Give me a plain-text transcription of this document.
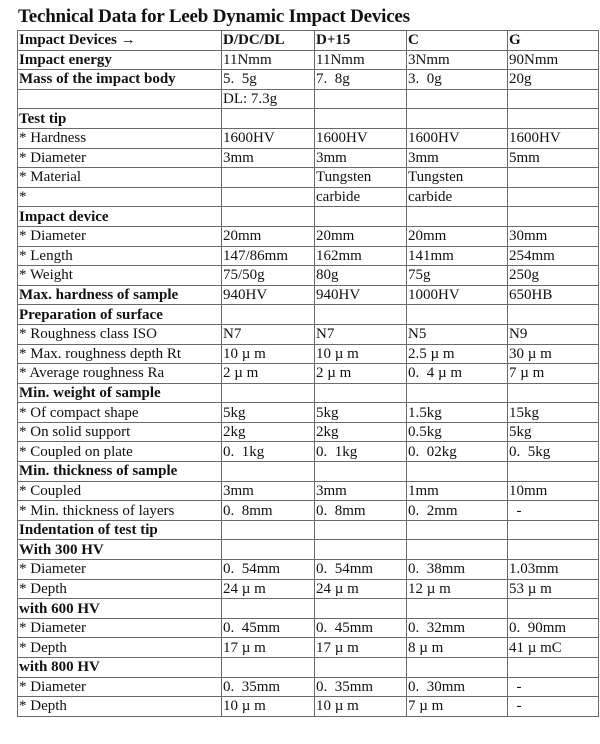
Technical Data for Leeb Dynamic Impact Devices
Impact Devices →	D/DC/DL	D+15	C	G
Impact energy	11Nmm	11Nmm	3Nmm	90Nmm
Mass of the impact body	5.  5g	7.  8g	3.  0g	20g
	DL: 7.3g			
Test tip				
* Hardness	1600HV	1600HV	1600HV	1600HV
* Diameter	3mm	3mm	3mm	5mm
* Material		Tungsten	Tungsten	
*		carbide	carbide	
Impact device				
* Diameter	20mm	20mm	20mm	30mm
* Length	147/86mm	162mm	141mm	254mm
* Weight	75/50g	80g	75g	250g
Max. hardness of sample	940HV	940HV	1000HV	650HB
Preparation of surface				
* Roughness class ISO	N7	N7	N5	N9
* Max. roughness depth Rt	10 µ m	10 µ m	2.5 µ m	30 µ m
* Average roughness Ra	2 µ m	2 µ m	0.  4 µ m	7 µ m
Min. weight of sample				
* Of compact shape	5kg	5kg	1.5kg	15kg
* On solid support	2kg	2kg	0.5kg	5kg
* Coupled on plate	0.  1kg	0.  1kg	0.  02kg	0.  5kg
Min. thickness of sample				
* Coupled	3mm	3mm	1mm	10mm
* Min. thickness of layers	0.  8mm	0.  8mm	0.  2mm	-
Indentation of test tip				
With 300 HV				
* Diameter	0.  54mm	0.  54mm	0.  38mm	1.03mm
* Depth	24 µ m	24 µ m	12 µ m	53 µ m
with 600 HV				
* Diameter	0.  45mm	0.  45mm	0.  32mm	0.  90mm
* Depth	17 µ m	17 µ m	8 µ m	41 µ mC
with 800 HV				
* Diameter	0.  35mm	0.  35mm	0.  30mm	-
* Depth	10 µ m	10 µ m	7 µ m	-
